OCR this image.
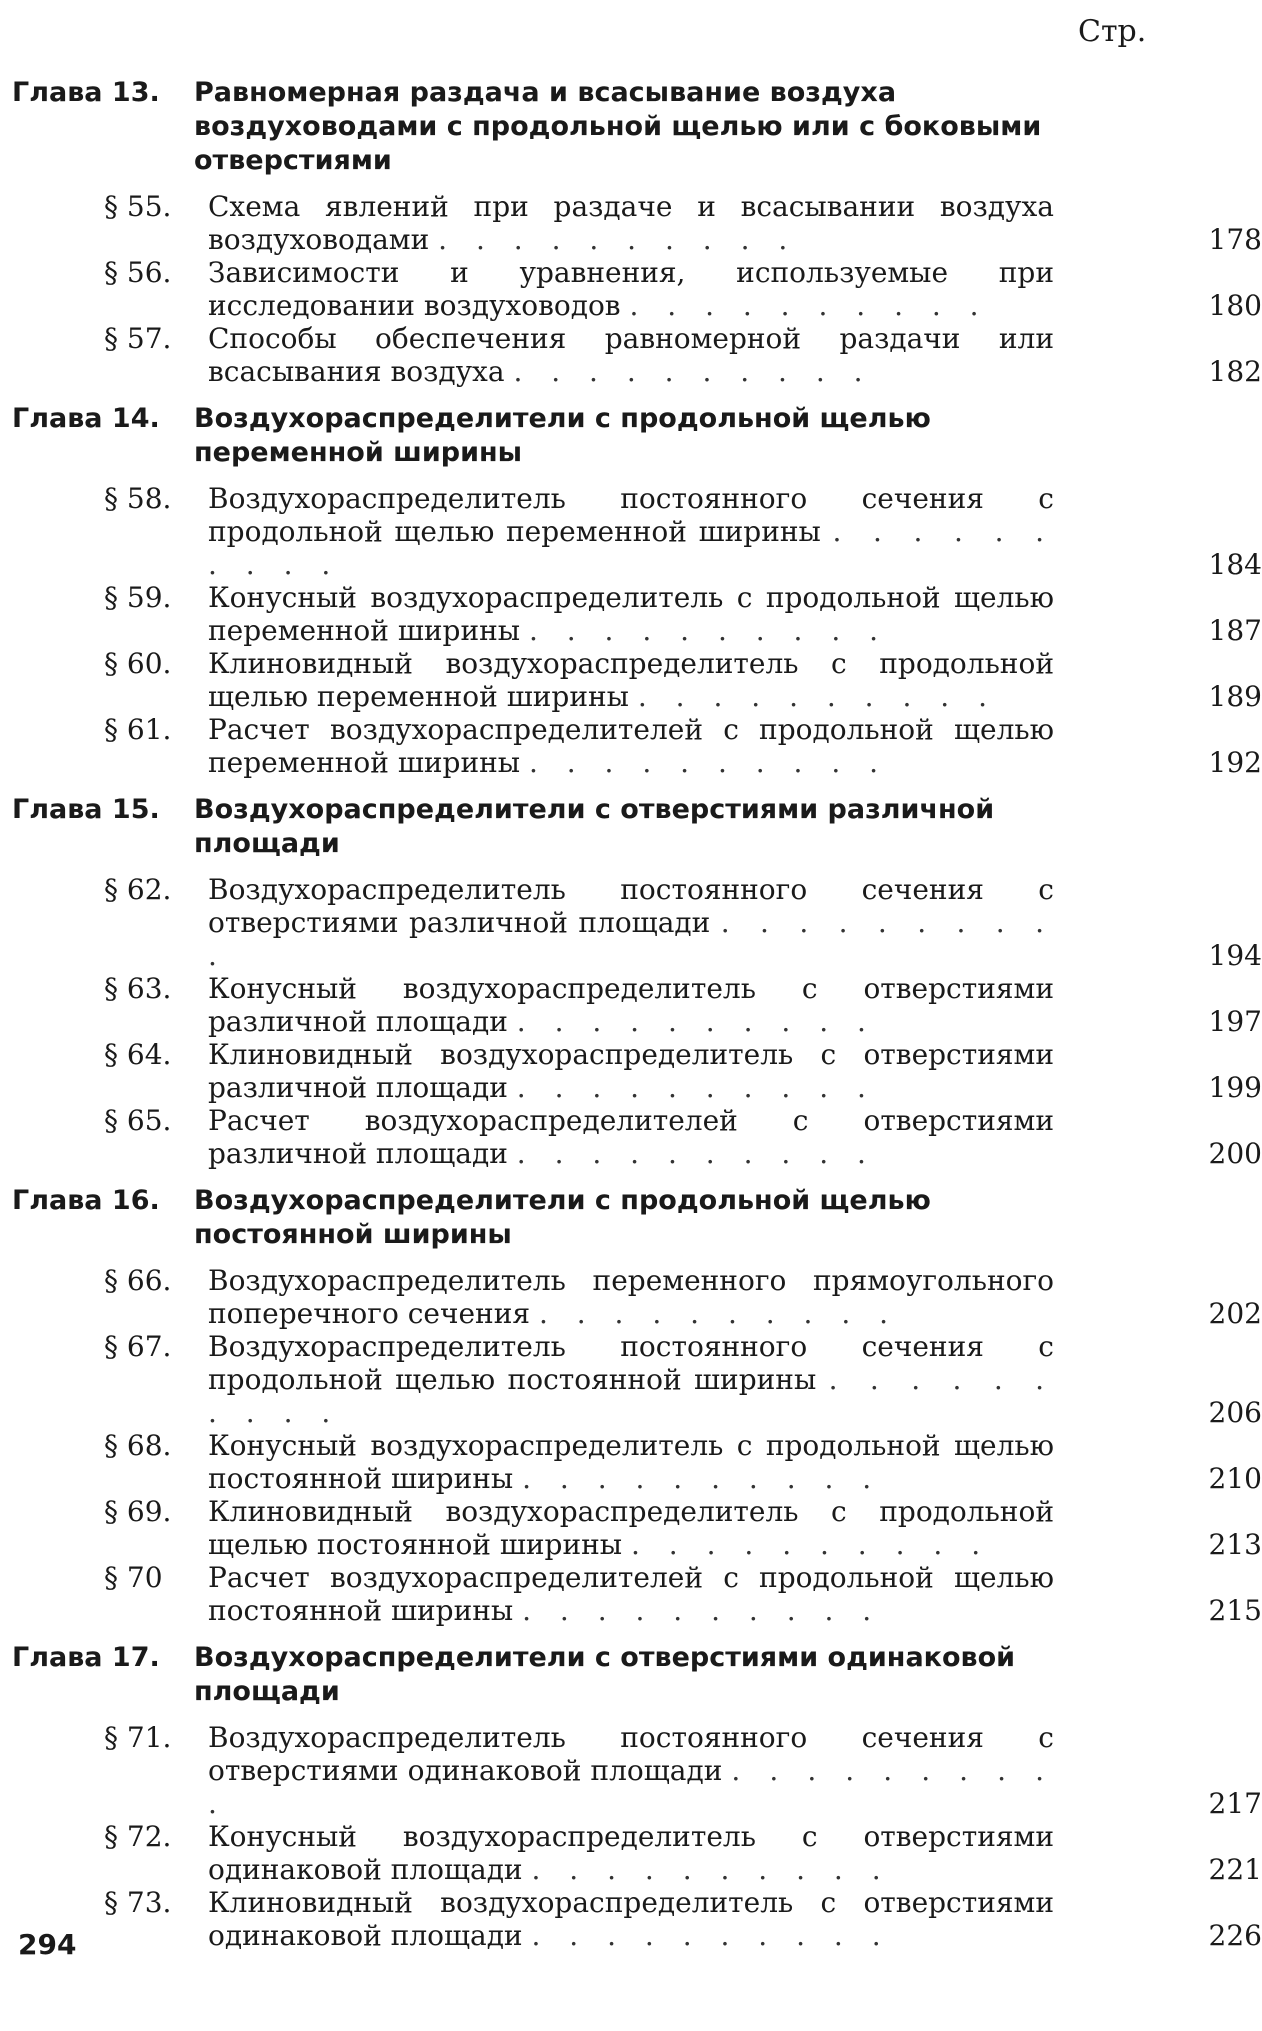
Стр.
Глава 13.	Равномерная раздача и всасывание воздуха воздуховодами с продольной щелью или с боковыми отверстиями
§ 55.	Схема явлений при раздаче и всасывании воздуха воздуховодами . . . . . . . . . .	178
§ 56.	Зависимости и уравнения, используемые при исследовании воздуховодов . . . . . . . . . .	180
§ 57.	Способы обеспечения равномерной раздачи или всасывания воздуха . . . . . . . . . .	182
Глава 14.	Воздухораспределители с продольной щелью переменной ширины
§ 58.	Воздухораспределитель постоянного сечения с продольной щелью переменной ширины . . . . . . . . . .	184
§ 59.	Конусный воздухораспределитель с продольной щелью переменной ширины . . . . . . . . . .	187
§ 60.	Клиновидный воздухораспределитель с продольной щелью переменной ширины . . . . . . . . . .	189
§ 61.	Расчет воздухораспределителей с продольной щелью переменной ширины . . . . . . . . . .	192
Глава 15.	Воздухораспределители с отверстиями различной площади
§ 62.	Воздухораспределитель постоянного сечения с отверстиями различной площади . . . . . . . . . .	194
§ 63.	Конусный воздухораспределитель с отверстиями различной площади . . . . . . . . . .	197
§ 64.	Клиновидный воздухораспределитель с отверстиями различной площади . . . . . . . . . .	199
§ 65.	Расчет воздухораспределителей с отверстиями различной площади . . . . . . . . . .	200
Глава 16.	Воздухораспределители с продольной щелью постоянной ширины
§ 66.	Воздухораспределитель переменного прямоугольного поперечного сечения . . . . . . . . . .	202
§ 67.	Воздухораспределитель постоянного сечения с продольной щелью постоянной ширины . . . . . . . . . .	206
§ 68.	Конусный воздухораспределитель с продольной щелью постоянной ширины . . . . . . . . . .	210
§ 69.	Клиновидный воздухораспределитель с продольной щелью постоянной ширины . . . . . . . . . .	213
§ 70	Расчет воздухораспределителей с продольной щелью постоянной ширины . . . . . . . . . .	215
Глава 17.	Воздухораспределители с отверстиями одинаковой площади
§ 71.	Воздухораспределитель постоянного сечения с отверстиями одинаковой площади . . . . . . . . . .	217
§ 72.	Конусный воздухораспределитель с отверстиями одинаковой площади . . . . . . . . . .	221
§ 73.	Клиновидный воздухораспределитель с отверстиями одинаковой площади . . . . . . . . . .	226
294
